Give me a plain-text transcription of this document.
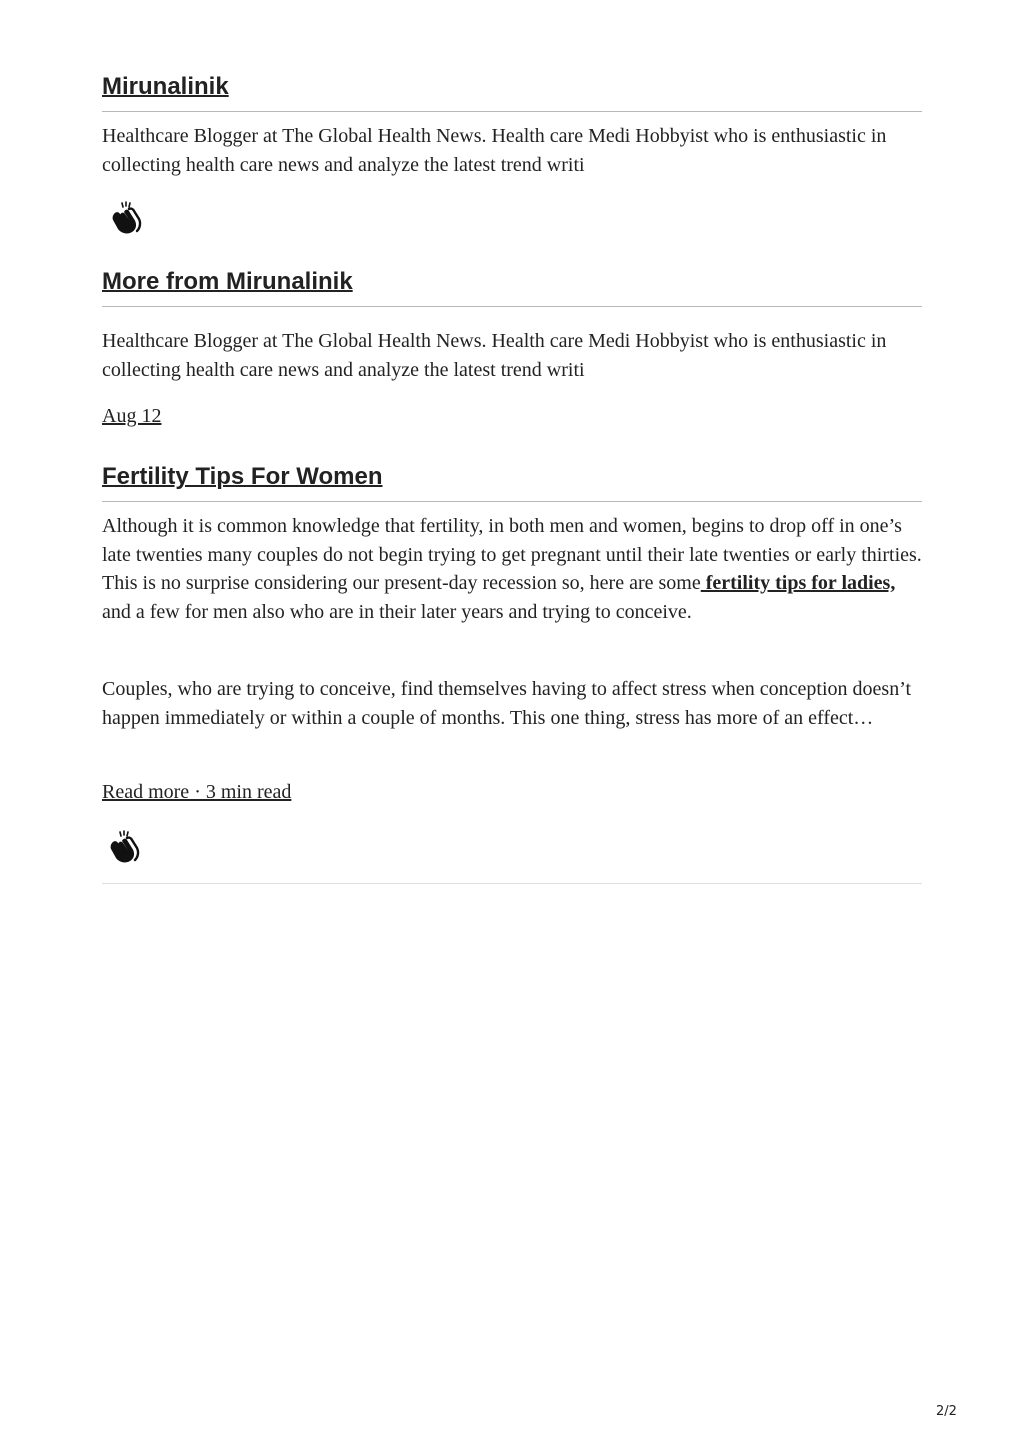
Mirunalinik

Healthcare Blogger at The Global Health News. Health care Medi Hobbyist who is enthusiastic in collecting health care news and analyze the latest trend writi

More from Mirunalinik

Healthcare Blogger at The Global Health News. Health care Medi Hobbyist who is enthusiastic in collecting health care news and analyze the latest trend writi

Aug 12
Fertility Tips For Women

Although it is common knowledge that fertility, in both men and women, begins to drop off in one’s late twenties many couples do not begin trying to get pregnant until their late twenties or early thirties. This is no surprise considering our present-day recession so, here are some fertility tips for ladies, and a few for men also who are in their later years and trying to conceive.

Couples, who are trying to conceive, find themselves having to affect stress when conception doesn’t happen immediately or within a couple of months. This one thing, stress has more of an effect…

Read more · 3 min read
2/2
